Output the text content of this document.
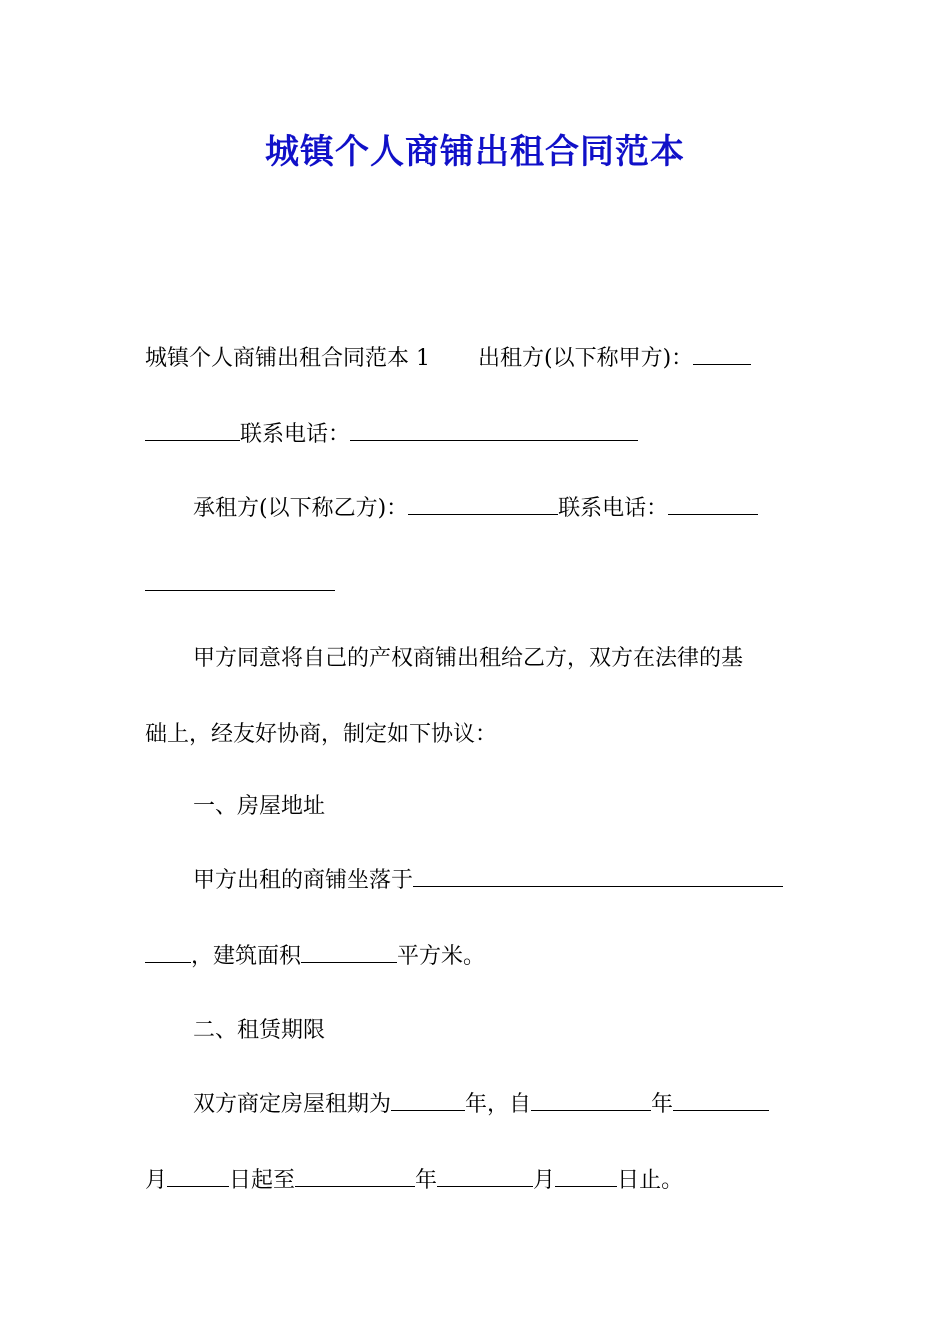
城镇个人商铺出租合同范本
城镇个人商铺出租合同范本 1 出租方(以下称甲方)：
联系电话：
承租方(以下称乙方)：	联系电话：
甲方同意将自己的产权商铺出租给乙方，双方在法律的基
础上，经友好协商，制定如下协议：
一、房屋地址
甲方出租的商铺坐落于
，建筑面积	平方米。
二、租赁期限
双方商定房屋租期为	年，自	年
月	日起至	年	月	日止。
